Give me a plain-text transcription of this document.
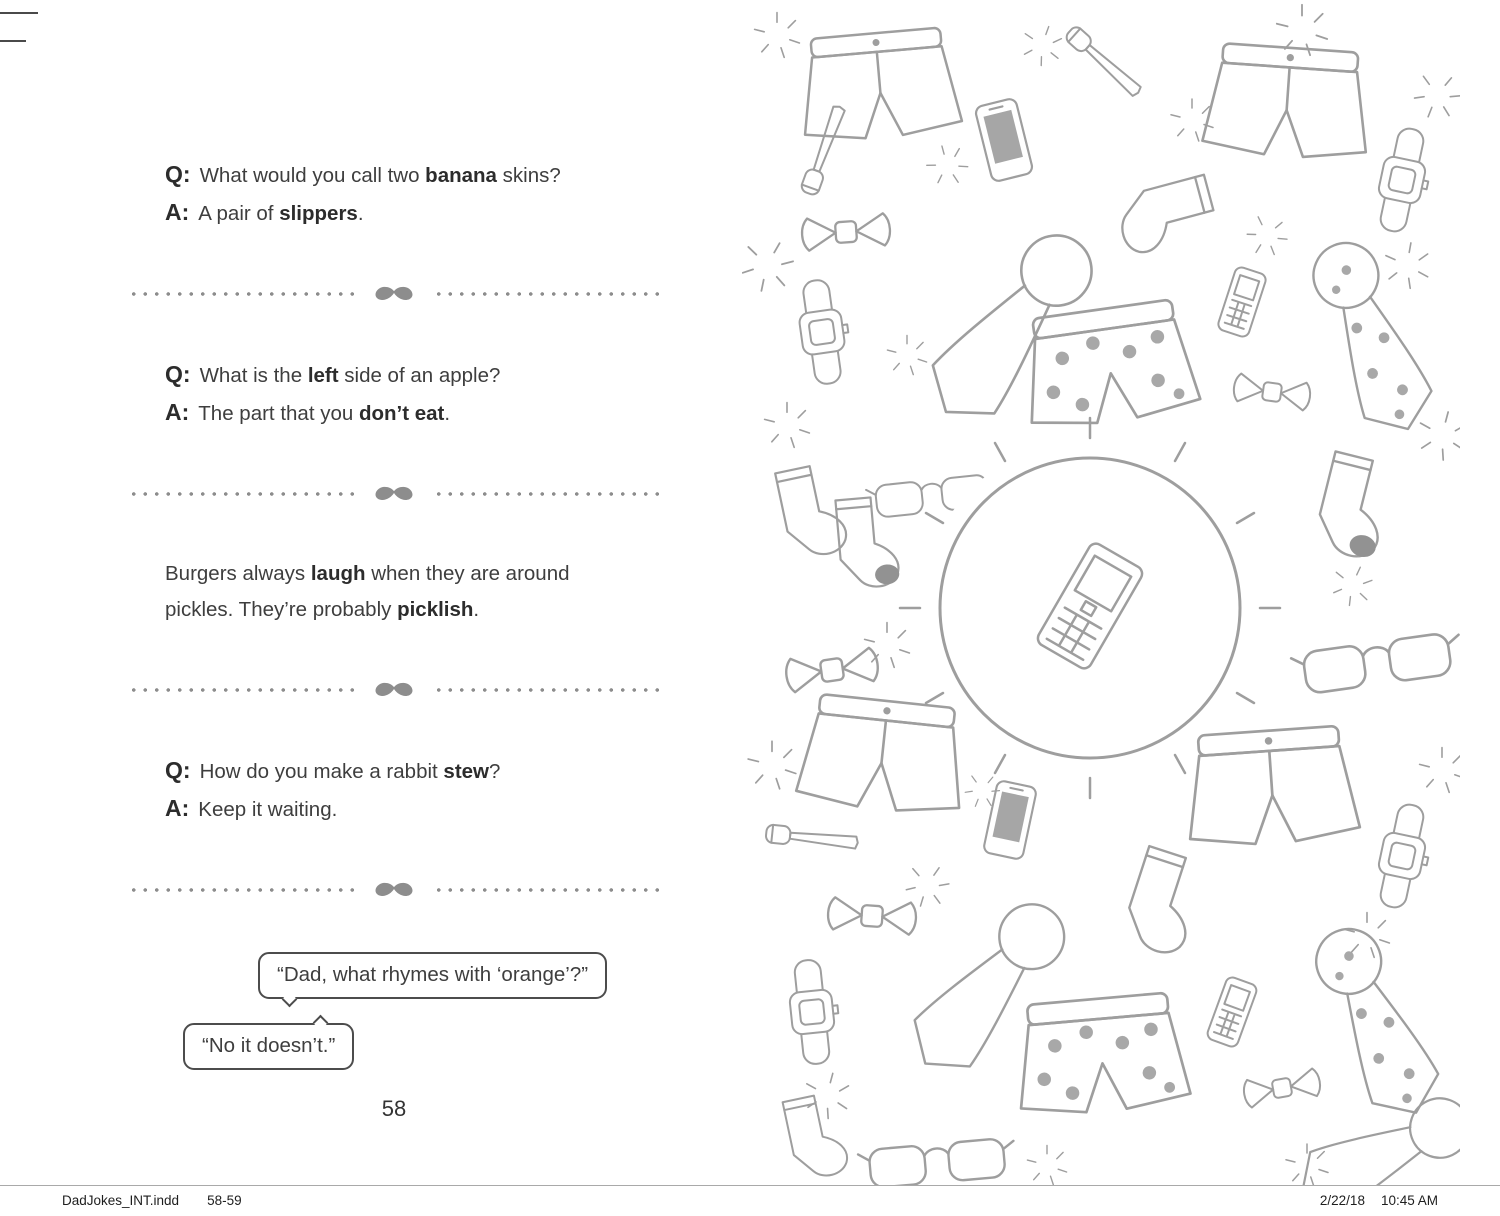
Q: What would you call two banana skins?
A: A pair of slippers.
Q: What is the left side of an apple?
A: The part that you don’t eat.
Burgers always laugh when they are around pickles. They’re probably picklish.
Q: How do you make a rabbit stew?
A: Keep it waiting.
“Dad, what rhymes with ‘orange’?”
“No it doesn’t.”
58
DadJokes_INT.indd 58-59	2/22/18 10:45 AM
